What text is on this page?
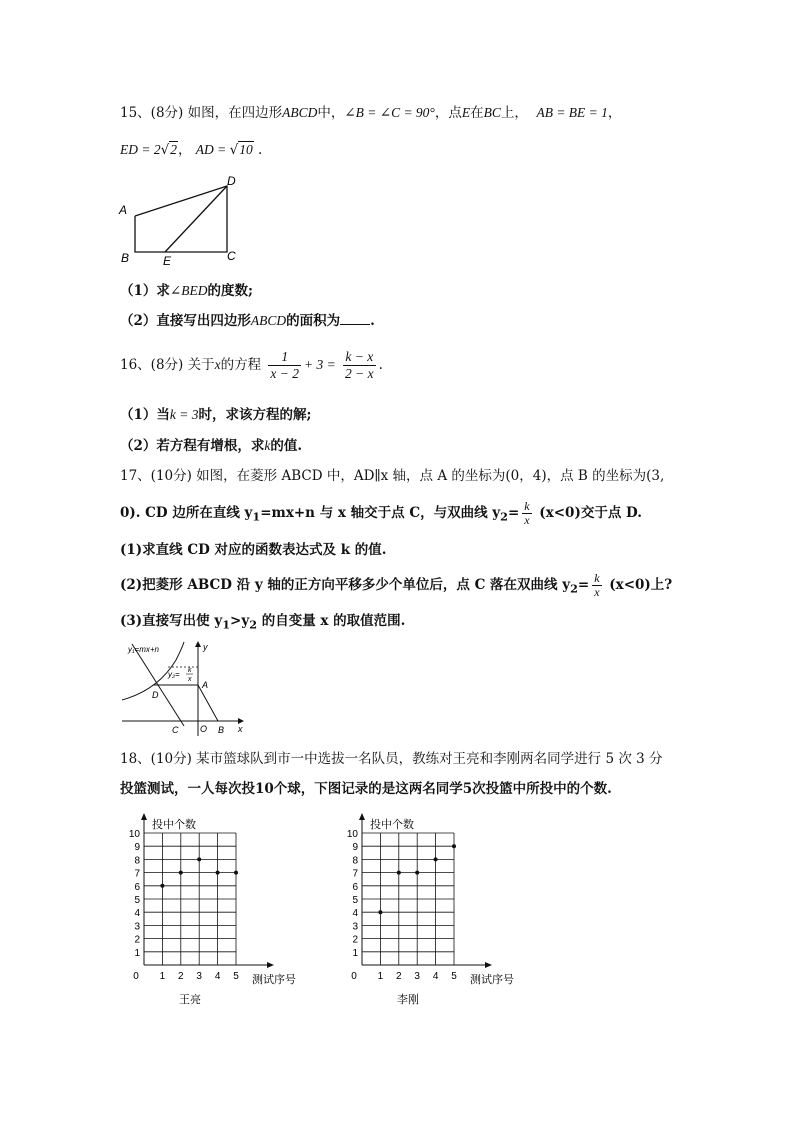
15、(8分) 如图，在四边形ABCD中，∠B = ∠C = 90°，点E在BC上， AB = BE = 1，
ED = 2√2， AD = √10 .
A
B	E	C
D
（1）求∠BED的度数;
（2）直接写出四边形ABCD的面积为 .
16、(8分) 关于x的方程 $\frac{1}{x - 2} + 3 = \frac{k - x}{2 - x}$ .
（1）当k = 3时，求该方程的解;
（2）若方程有增根，求k的值.
17、(10分) 如图，在菱形 ABCD 中，AD∥x 轴，点 A 的坐标为(0，4)，点 B 的坐标为(3,
0). CD 边所在直线 $y_1=mx+n$ 与 x 轴交于点 C，与双曲线 $y_2= \frac{k}{x} (x<0)$交于点 D.
(1)求直线 CD 对应的函数表达式及 k 的值.
(2)把菱形 ABCD 沿 y 轴的正方向平移多少个单位后，点 C 落在双曲线 $y_2= \frac{k}{x} (x<0)$上?
(3)直接写出使 $y_1>y_2$ 的自变量 x 的取值范围.
y₁=mx+n
y₂= k
x
y
A
D
C O B x
18、(10分) 某市篮球队到市一中选拔一名队员，教练对王亮和李刚两名同学进行 5 次 3 分
投篮测试，一人每次投10个球，下图记录的是这两名同学5次投篮中所投中的个数.
1
2
3
4
5
6
7
8
9
10
0 1 2 3 4 5
投中个数
测试序号
王亮
1
2
3
4
5
6
7
8
9
10
0 1 2 3 4 5
投中个数
测试序号
李刚
